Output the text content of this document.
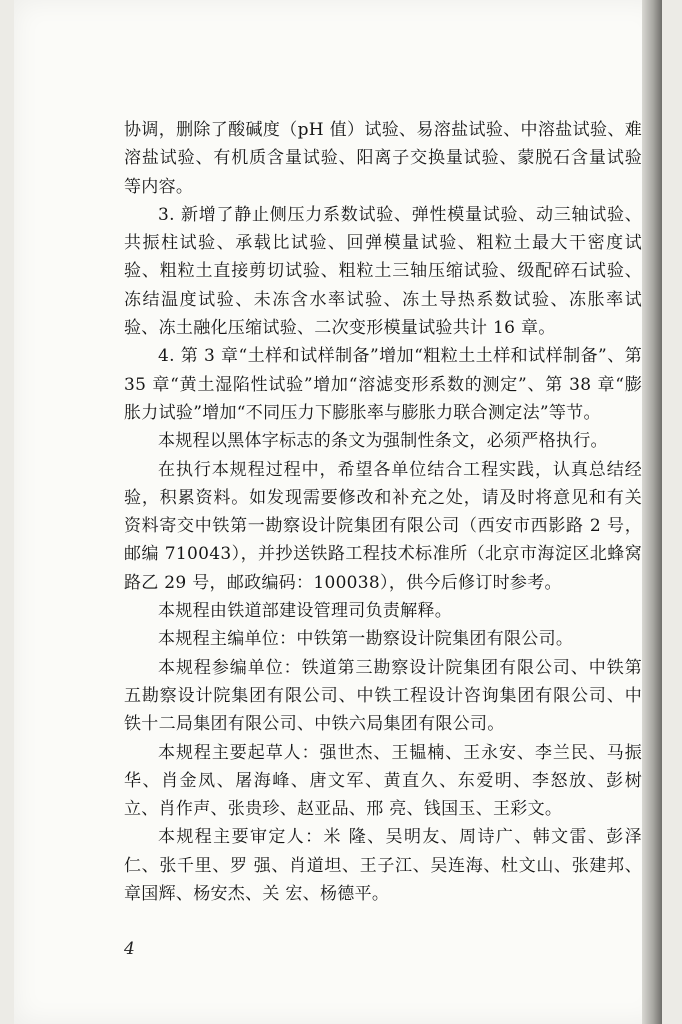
协调，删除了酸碱度（pH 值）试验、易溶盐试验、中溶盐试验、难溶盐试验、有机质含量试验、阳离子交换量试验、蒙脱石含量试验等内容。

3. 新增了静止侧压力系数试验、弹性模量试验、动三轴试验、共振柱试验、承载比试验、回弹模量试验、粗粒土最大干密度试验、粗粒土直接剪切试验、粗粒土三轴压缩试验、级配碎石试验、冻结温度试验、未冻含水率试验、冻土导热系数试验、冻胀率试验、冻土融化压缩试验、二次变形模量试验共计 16 章。

4. 第 3 章“土样和试样制备”增加“粗粒土土样和试样制备”、第 35 章“黄土湿陷性试验”增加“溶滤变形系数的测定”、第 38 章“膨胀力试验”增加“不同压力下膨胀率与膨胀力联合测定法”等节。

本规程以黑体字标志的条文为强制性条文，必须严格执行。

在执行本规程过程中，希望各单位结合工程实践，认真总结经验，积累资料。如发现需要修改和补充之处，请及时将意见和有关资料寄交中铁第一勘察设计院集团有限公司（西安市西影路 2 号，邮编 710043），并抄送铁路工程技术标准所（北京市海淀区北蜂窝路乙 29 号，邮政编码：100038），供今后修订时参考。

本规程由铁道部建设管理司负责解释。

本规程主编单位：中铁第一勘察设计院集团有限公司。

本规程参编单位：铁道第三勘察设计院集团有限公司、中铁第五勘察设计院集团有限公司、中铁工程设计咨询集团有限公司、中铁十二局集团有限公司、中铁六局集团有限公司。

本规程主要起草人：强世杰、王韫楠、王永安、李兰民、马振华、肖金凤、屠海峰、唐文军、黄直久、东爱明、李怒放、彭树立、肖作声、张贵珍、赵亚品、邢 亮、钱国玉、王彩文。

本规程主要审定人：米 隆、吴明友、周诗广、韩文雷、彭泽仁、张千里、罗 强、肖道坦、王子江、吴连海、杜文山、张建邦、章国辉、杨安杰、关 宏、杨德平。

4
